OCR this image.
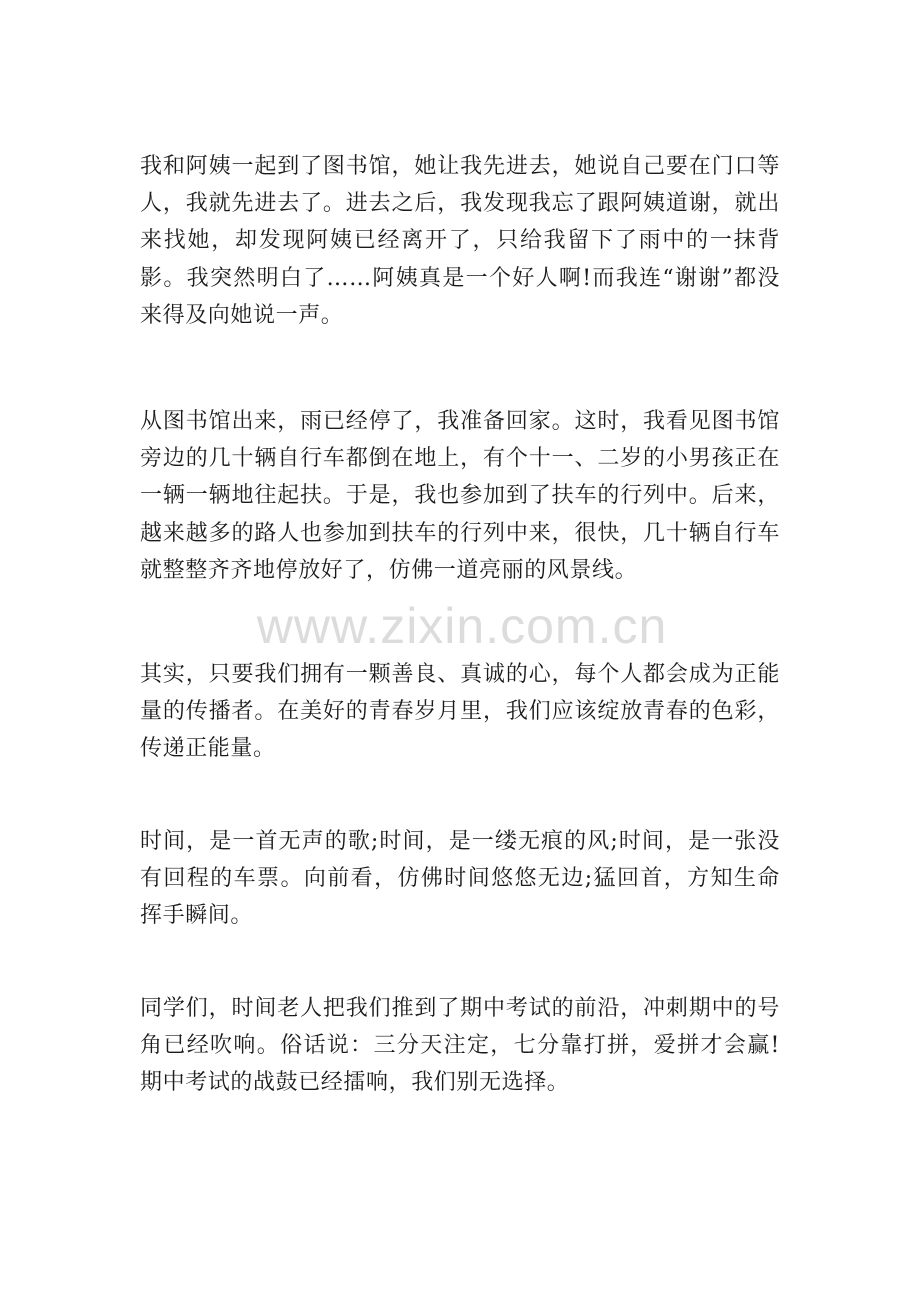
我和阿姨一起到了图书馆，她让我先进去，她说自己要在门口等人，我就先进去了。进去之后，我发现我忘了跟阿姨道谢，就出来找她，却发现阿姨已经离开了，只给我留下了雨中的一抹背影。我突然明白了……阿姨真是一个好人啊!而我连“谢谢”都没来得及向她说一声。

从图书馆出来，雨已经停了，我准备回家。这时，我看见图书馆旁边的几十辆自行车都倒在地上，有个十一、二岁的小男孩正在一辆一辆地往起扶。于是，我也参加到了扶车的行列中。后来，越来越多的路人也参加到扶车的行列中来，很快，几十辆自行车就整整齐齐地停放好了，仿佛一道亮丽的风景线。

www.zixin.com.cn

其实，只要我们拥有一颗善良、真诚的心，每个人都会成为正能量的传播者。在美好的青春岁月里，我们应该绽放青春的色彩，传递正能量。

时间，是一首无声的歌;时间，是一缕无痕的风;时间，是一张没有回程的车票。向前看，仿佛时间悠悠无边;猛回首，方知生命挥手瞬间。

同学们，时间老人把我们推到了期中考试的前沿，冲刺期中的号角已经吹响。俗话说：三分天注定，七分靠打拼，爱拼才会赢!期中考试的战鼓已经擂响，我们别无选择。
